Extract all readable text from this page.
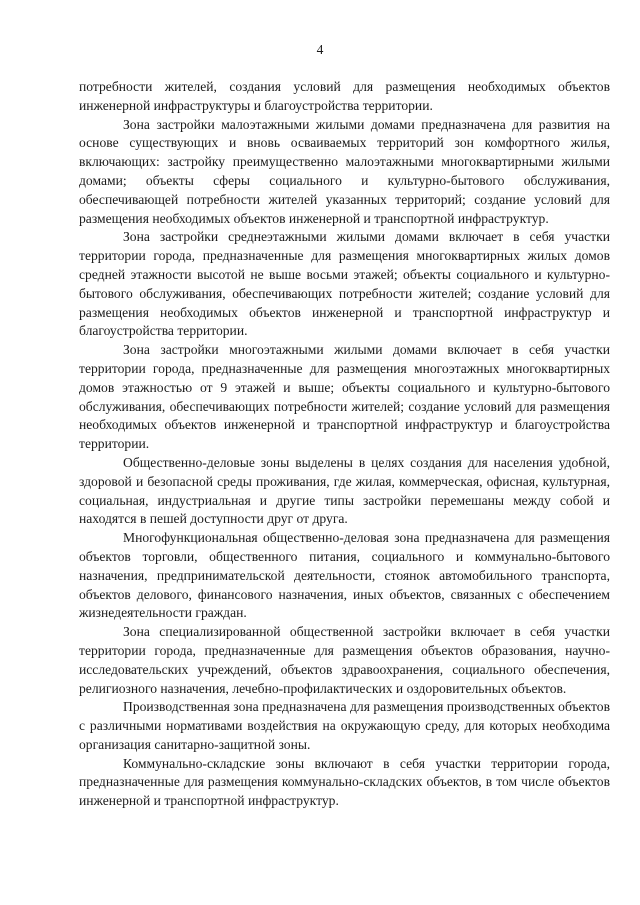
4

потребности жителей, создания условий для размещения необходимых объектов инженерной инфраструктуры и благоустройства территории.

Зона застройки малоэтажными жилыми домами предназначена для развития на основе существующих и вновь осваиваемых территорий зон комфортного жилья, включающих: застройку преимущественно малоэтажными многоквартирными жилыми домами; объекты сферы социального и культурно-бытового обслуживания, обеспечивающей потребности жителей указанных территорий; создание условий для размещения необходимых объектов инженерной и транспортной инфраструктур.

Зона застройки среднеэтажными жилыми домами включает в себя участки территории города, предназначенные для размещения многоквартирных жилых домов средней этажности высотой не выше восьми этажей; объекты социального и культурно-бытового обслуживания, обеспечивающих потребности жителей; создание условий для размещения необходимых объектов инженерной и транспортной инфраструктур и благоустройства территории.

Зона застройки многоэтажными жилыми домами включает в себя участки территории города, предназначенные для размещения многоэтажных многоквартирных домов этажностью от 9 этажей и выше; объекты социального и культурно-бытового обслуживания, обеспечивающих потребности жителей; создание условий для размещения необходимых объектов инженерной и транспортной инфраструктур и благоустройства территории.

Общественно-деловые зоны выделены в целях создания для населения удобной, здоровой и безопасной среды проживания, где жилая, коммерческая, офисная, культурная, социальная, индустриальная и другие типы застройки перемешаны между собой и находятся в пешей доступности друг от друга.

Многофункциональная общественно-деловая зона предназначена для размещения объектов торговли, общественного питания, социального и коммунально-бытового назначения, предпринимательской деятельности, стоянок автомобильного транспорта, объектов делового, финансового назначения, иных объектов, связанных с обеспечением жизнедеятельности граждан.

Зона специализированной общественной застройки включает в себя участки территории города, предназначенные для размещения объектов образования, научно-исследовательских учреждений, объектов здравоохранения, социального обеспечения, религиозного назначения, лечебно-профилактических и оздоровительных объектов.

Производственная зона предназначена для размещения производственных объектов с различными нормативами воздействия на окружающую среду, для которых необходима организация санитарно-защитной зоны.

Коммунально-складские зоны включают в себя участки территории города, предназначенные для размещения коммунально-складских объектов, в том числе объектов инженерной и транспортной инфраструктур.
